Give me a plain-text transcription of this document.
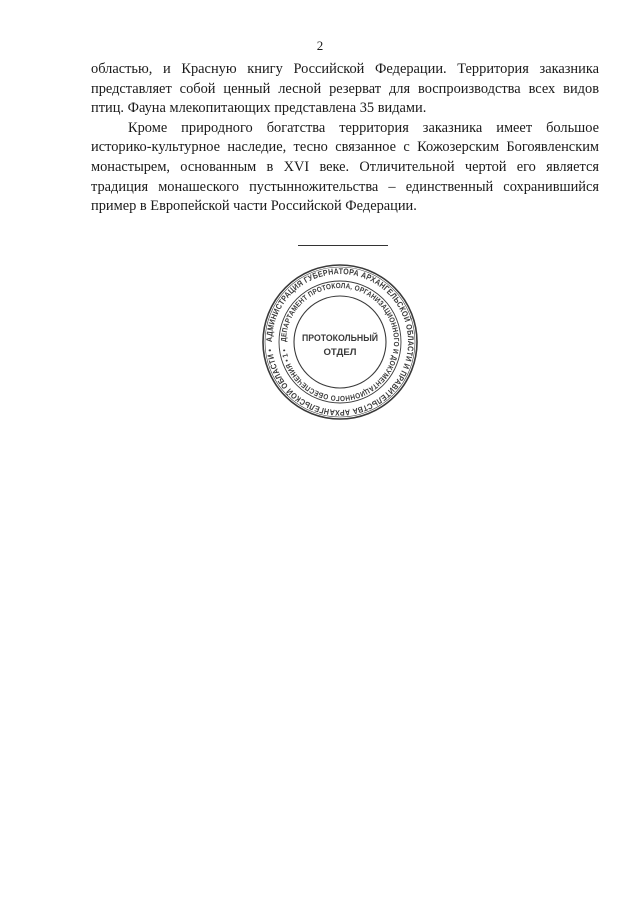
2

областью, и Красную книгу Российской Федерации. Территория заказника представляет собой ценный лесной резерват для воспроизводства всех видов птиц. Фауна млекопитающих представлена 35 видами.

Кроме природного богатства территория заказника имеет большое историко-культурное наследие, тесно связанное с Кожозерским Богоявленским монастырем, основанным в XVI веке. Отличительной чертой его является традиция монашеского пустынножительства – единственный сохранившийся пример в Европейской части Российской Федерации.

АДМИНИСТРАЦИЯ ГУБЕРНАТОРА АРХАНГЕЛЬСКОЙ ОБЛАСТИ И ПРАВИТЕЛЬСТВА АРХАНГЕЛЬСКОЙ ОБЛАСТИ •
ДЕПАРТАМЕНТ ПРОТОКОЛА, ОРГАНИЗАЦИОННОГО И ДОКУМЕНТАЦИОННОГО ОБЕСПЕЧЕНИЯ • 1 •
ПРОТОКОЛЬНЫЙ
ОТДЕЛ
